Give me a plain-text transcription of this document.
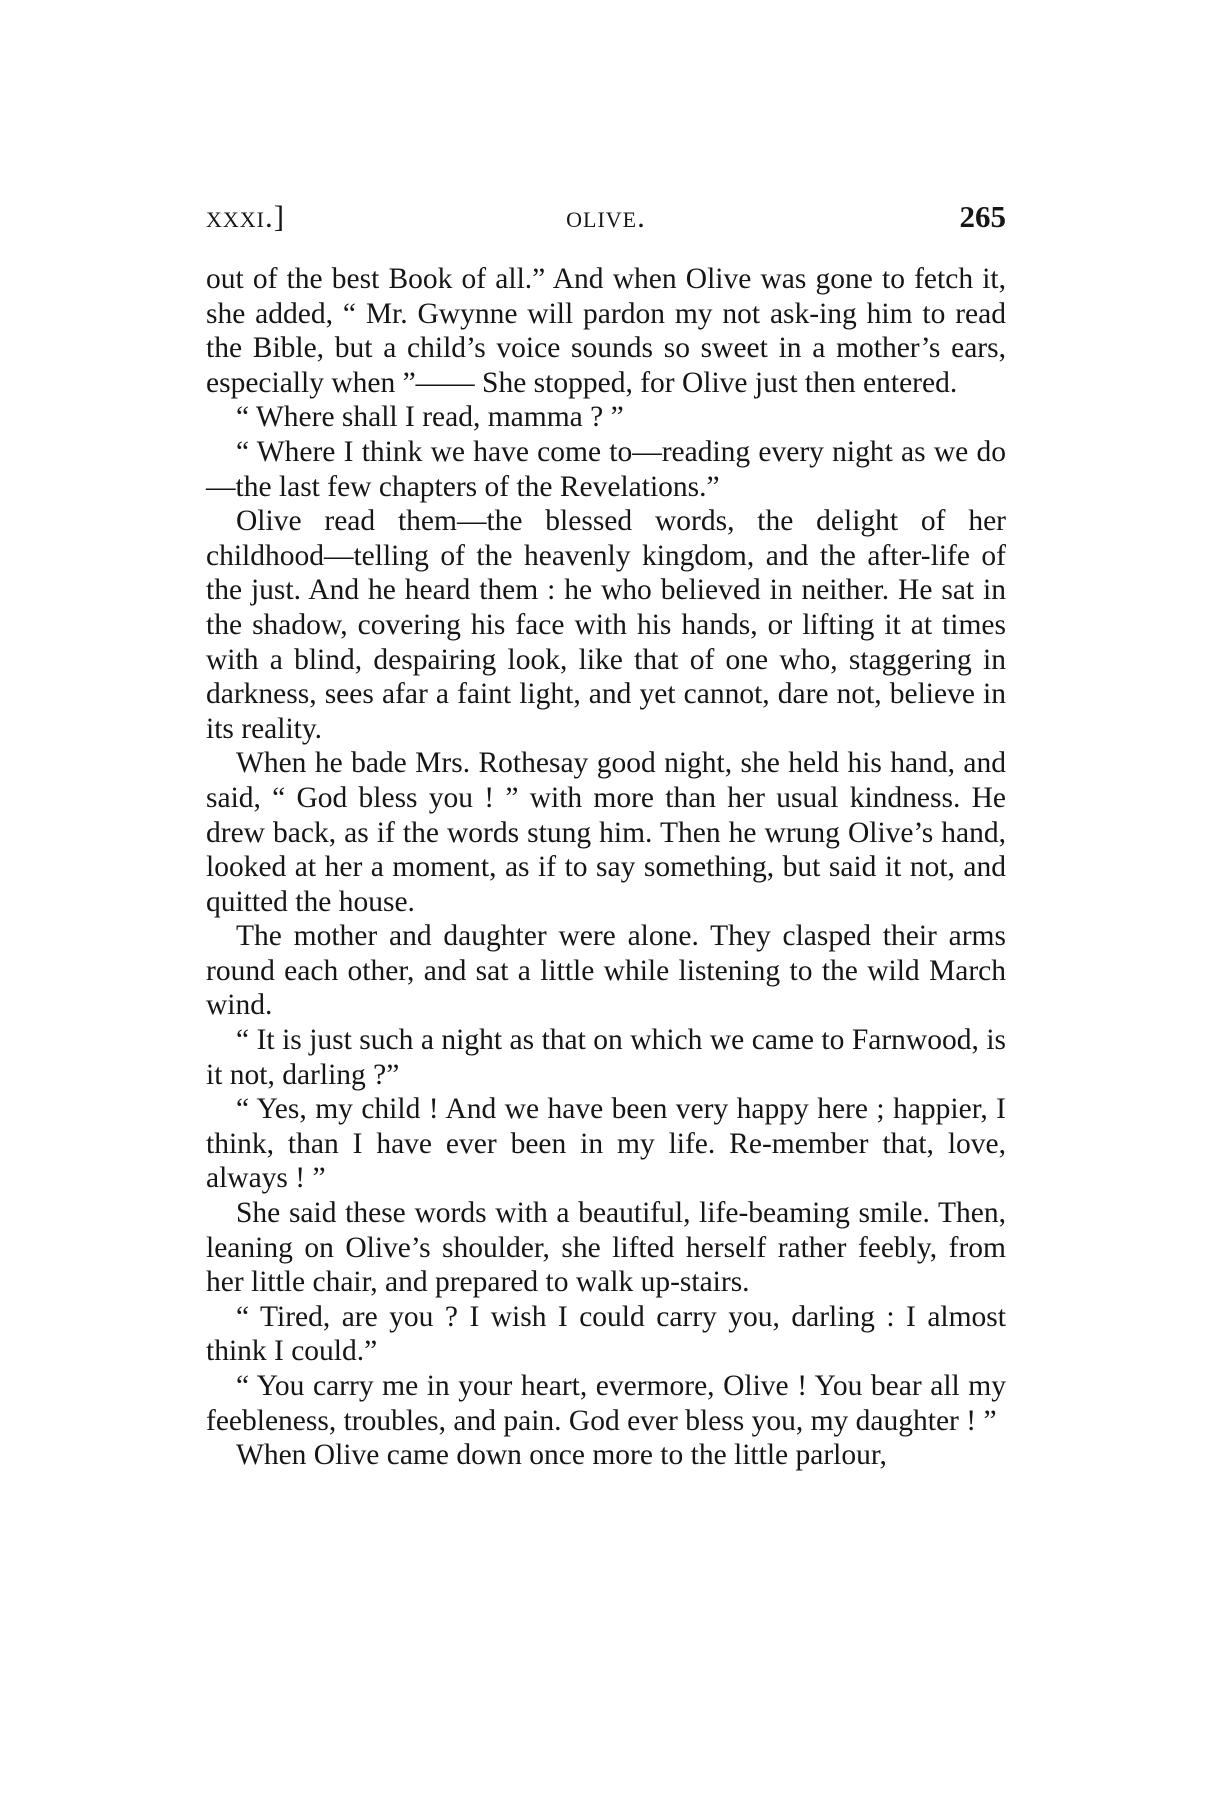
xxxi.]	olive.	265

out of the best Book of all.” And when Olive was gone to fetch it, she added, “ Mr. Gwynne will pardon my not ask-ing him to read the Bible, but a child’s voice sounds so sweet in a mother’s ears, especially when ”—— She stopped, for Olive just then entered.

“ Where shall I read, mamma ? ”

“ Where I think we have come to—reading every night as we do—the last few chapters of the Revelations.”

Olive read them—the blessed words, the delight of her childhood—telling of the heavenly kingdom, and the after-life of the just. And he heard them : he who believed in neither. He sat in the shadow, covering his face with his hands, or lifting it at times with a blind, despairing look, like that of one who, staggering in darkness, sees afar a faint light, and yet cannot, dare not, believe in its reality.

When he bade Mrs. Rothesay good night, she held his hand, and said, “ God bless you ! ” with more than her usual kindness. He drew back, as if the words stung him. Then he wrung Olive’s hand, looked at her a moment, as if to say something, but said it not, and quitted the house.

The mother and daughter were alone. They clasped their arms round each other, and sat a little while listening to the wild March wind.

“ It is just such a night as that on which we came to Farnwood, is it not, darling ?”

“ Yes, my child ! And we have been very happy here ; happier, I think, than I have ever been in my life. Re-member that, love, always ! ”

She said these words with a beautiful, life-beaming smile. Then, leaning on Olive’s shoulder, she lifted herself rather feebly, from her little chair, and prepared to walk up-stairs.

“ Tired, are you ? I wish I could carry you, darling : I almost think I could.”

“ You carry me in your heart, evermore, Olive ! You bear all my feebleness, troubles, and pain. God ever bless you, my daughter ! ”

When Olive came down once more to the little parlour,
